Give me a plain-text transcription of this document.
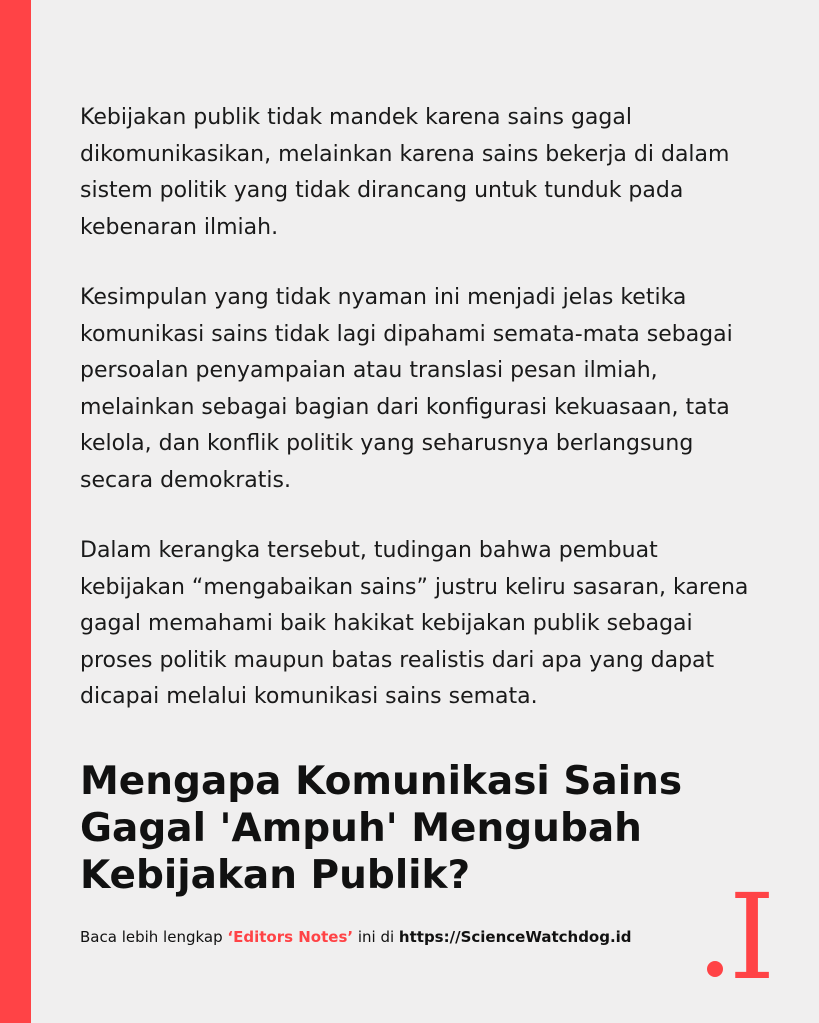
Kebijakan publik tidak mandek karena sains gagal dikomunikasikan, melainkan karena sains bekerja di dalam sistem politik yang tidak dirancang untuk tunduk pada kebenaran ilmiah.

Kesimpulan yang tidak nyaman ini menjadi jelas ketika komunikasi sains tidak lagi dipahami semata-mata sebagai persoalan penyampaian atau translasi pesan ilmiah, melainkan sebagai bagian dari konfigurasi kekuasaan, tata kelola, dan konflik politik yang seharusnya berlangsung secara demokratis.

Dalam kerangka tersebut, tudingan bahwa pembuat kebijakan “mengabaikan sains” justru keliru sasaran, karena gagal memahami baik hakikat kebijakan publik sebagai proses politik maupun batas realistis dari apa yang dapat dicapai melalui komunikasi sains semata.

Mengapa Komunikasi Sains Gagal 'Ampuh' Mengubah Kebijakan Publik?
Baca lebih lengkap ‘Editors Notes’ ini di https://ScienceWatchdog.id I
